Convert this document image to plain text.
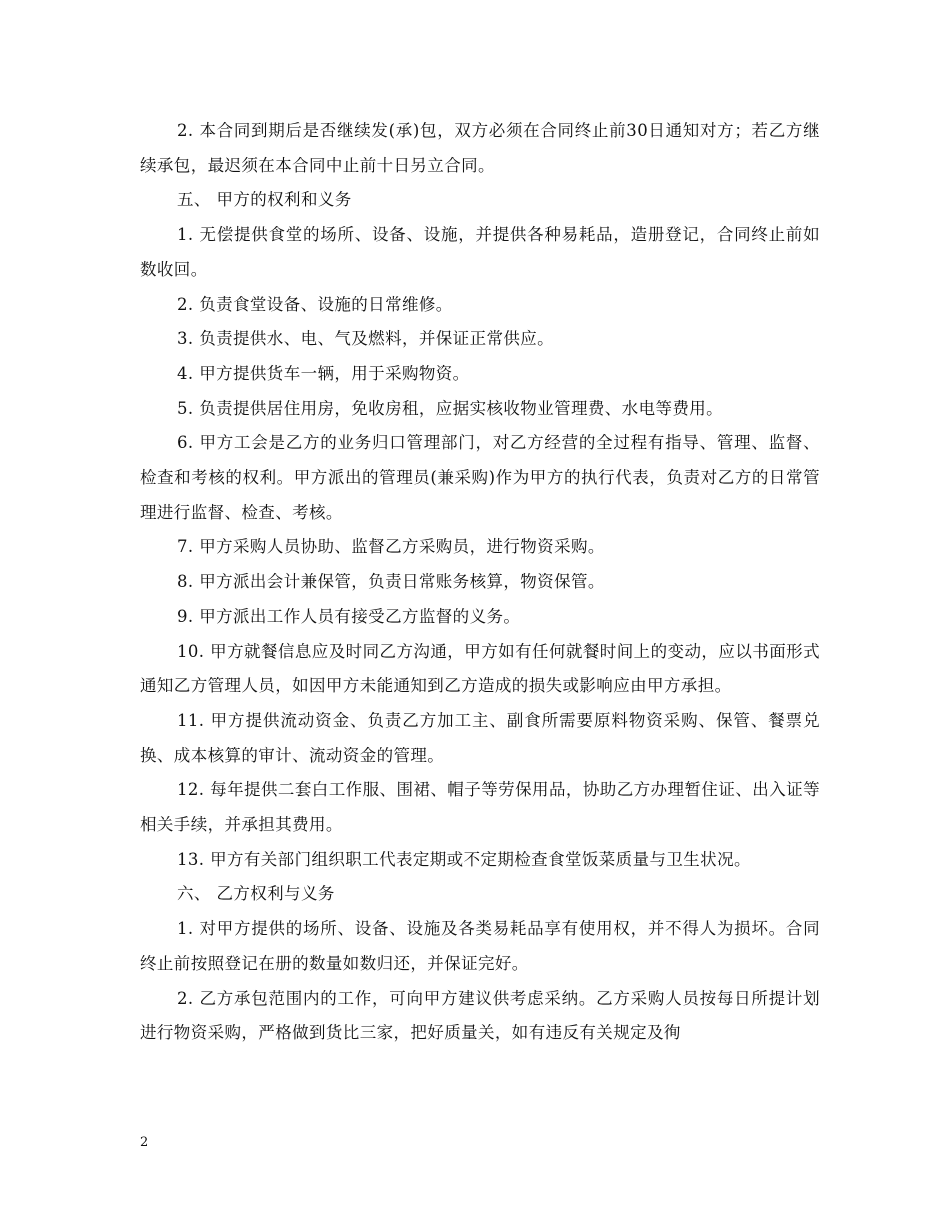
2. 本合同到期后是否继续发(承)包，双方必须在合同终止前30日通知对方；若乙方继续承包，最迟须在本合同中止前十日另立合同。

五、 甲方的权利和义务

1. 无偿提供食堂的场所、设备、设施，并提供各种易耗品，造册登记，合同终止前如数收回。

2. 负责食堂设备、设施的日常维修。

3. 负责提供水、电、气及燃料，并保证正常供应。

4. 甲方提供货车一辆，用于采购物资。

5. 负责提供居住用房，免收房租，应据实核收物业管理费、水电等费用。

6. 甲方工会是乙方的业务归口管理部门，对乙方经营的全过程有指导、管理、监督、检查和考核的权利。甲方派出的管理员(兼采购)作为甲方的执行代表，负责对乙方的日常管理进行监督、检查、考核。

7. 甲方采购人员协助、监督乙方采购员，进行物资采购。

8. 甲方派出会计兼保管，负责日常账务核算，物资保管。

9. 甲方派出工作人员有接受乙方监督的义务。

10. 甲方就餐信息应及时同乙方沟通，甲方如有任何就餐时间上的变动，应以书面形式通知乙方管理人员，如因甲方未能通知到乙方造成的损失或影响应由甲方承担。

11. 甲方提供流动资金、负责乙方加工主、副食所需要原料物资采购、保管、餐票兑换、成本核算的审计、流动资金的管理。

12. 每年提供二套白工作服、围裙、帽子等劳保用品，协助乙方办理暂住证、出入证等相关手续，并承担其费用。

13. 甲方有关部门组织职工代表定期或不定期检查食堂饭菜质量与卫生状况。

六、 乙方权利与义务

1. 对甲方提供的场所、设备、设施及各类易耗品享有使用权，并不得人为损坏。合同终止前按照登记在册的数量如数归还，并保证完好。

2. 乙方承包范围内的工作，可向甲方建议供考虑采纳。乙方采购人员按每日所提计划进行物资采购，严格做到货比三家，把好质量关，如有违反有关规定及徇

2
